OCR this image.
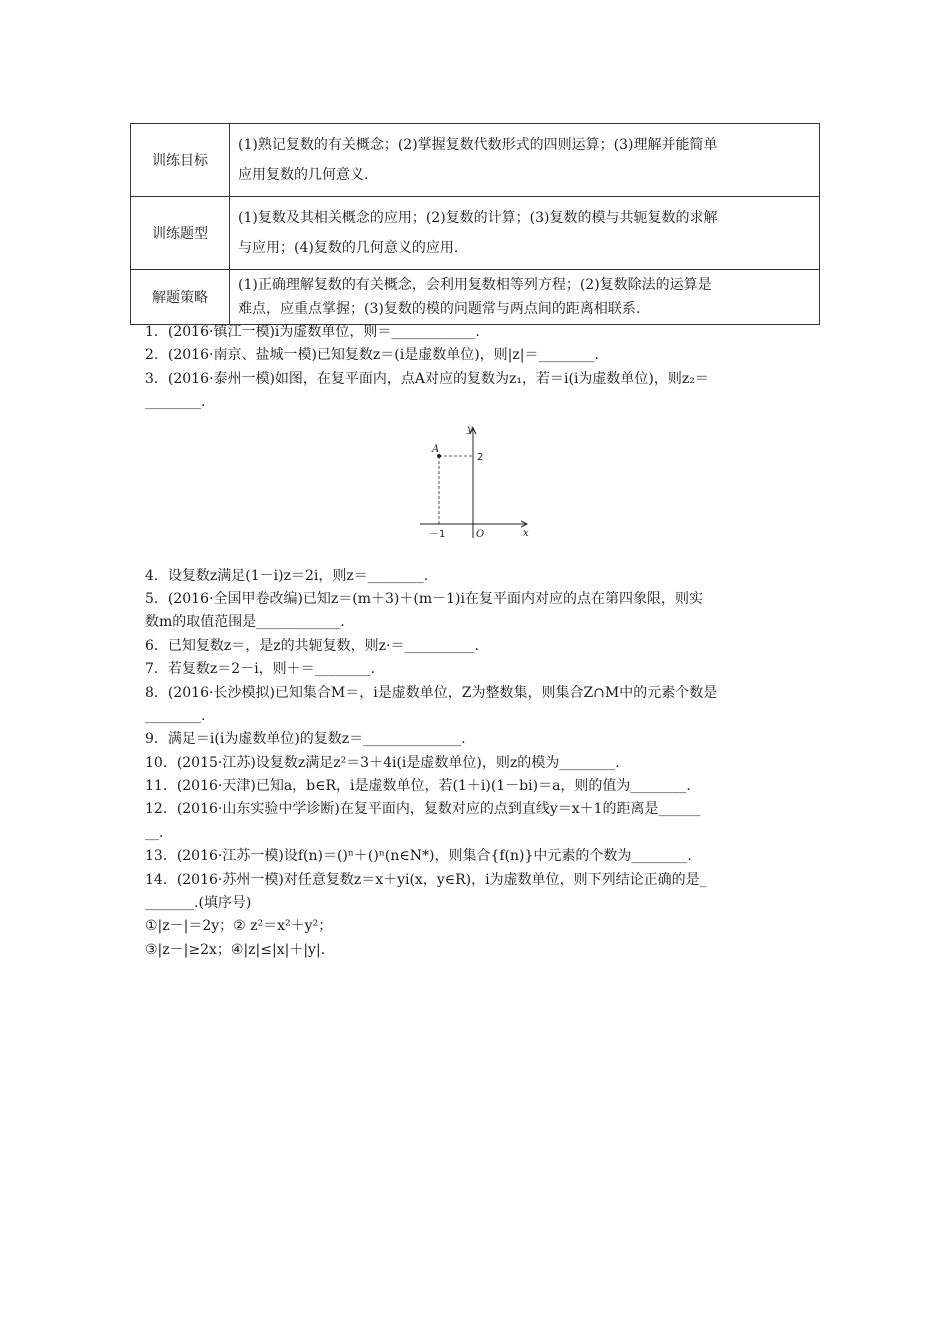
训练目标	(1)熟记复数的有关概念；(2)掌握复数代数形式的四则运算；(3)理解并能简单
应用复数的几何意义.

训练题型	(1)复数及其相关概念的应用；(2)复数的计算；(3)复数的模与共轭复数的求解
与应用；(4)复数的几何意义的应用.

解题策略	(1)正确理解复数的有关概念，会利用复数相等列方程；(2)复数除法的运算是
难点，应重点掌握；(3)复数的模的问题常与两点间的距离相联系.
1．(2016·镇江一模)i为虚数单位，则＝____________.
2．(2016·南京、盐城一模)已知复数z＝(i是虚数单位)，则|z|＝________.
3．(2016·泰州一模)如图，在复平面内，点A对应的复数为z₁，若＝i(i为虚数单位)，则z₂＝
________.
4．设复数z满足(1－i)z＝2i，则z＝________.
5．(2016·全国甲卷改编)已知z＝(m＋3)＋(m－1)i在复平面内对应的点在第四象限，则实
数m的取值范围是____________.
6．已知复数z＝，是z的共轭复数，则z·＝__________.
7．若复数z＝2－i，则＋＝________.
8．(2016·长沙模拟)已知集合M＝，i是虚数单位，Z为整数集，则集合Z∩M中的元素个数是
________.
9．满足＝i(i为虚数单位)的复数z＝______________.
10．(2015·江苏)设复数z满足z²＝3＋4i(i是虚数单位)，则z的模为________.
11．(2016·天津)已知a，b∈R，i是虚数单位，若(1＋i)(1－bi)＝a，则的值为________.
12．(2016·山东实验中学诊断)在复平面内，复数对应的点到直线y＝x＋1的距离是______
__.
13．(2016·江苏一模)设f(n)＝()ⁿ＋()ⁿ(n∈N*)，则集合{f(n)}中元素的个数为________.
14．(2016·苏州一模)对任意复数z＝x＋yi(x，y∈R)，i为虚数单位，则下列结论正确的是_
_______.(填序号)
①|z－|＝2y；② z²＝x²＋y²；
③|z－|≥2x；④|z|≤|x|＋|y|.
A
y
x
O
2
－1
